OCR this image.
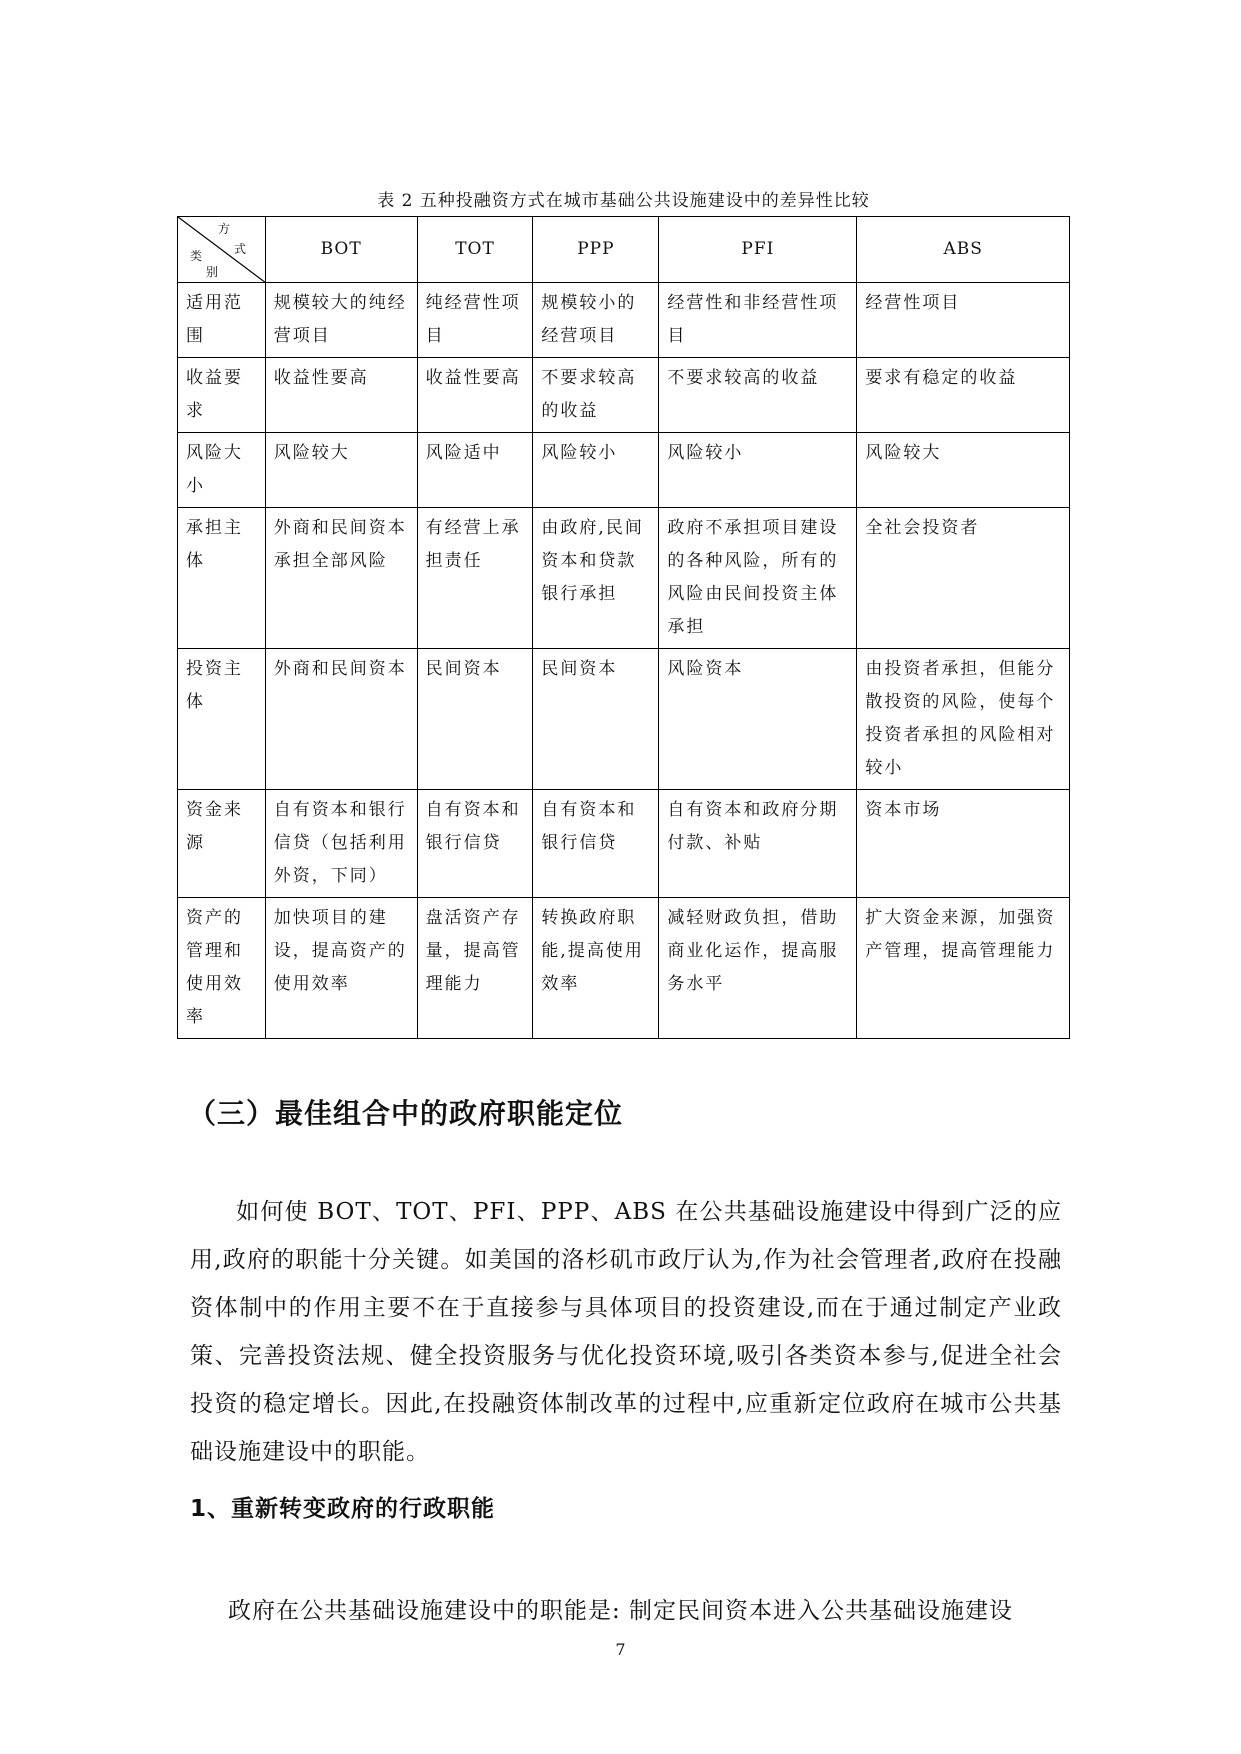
表 2 五种投融资方式在城市基础公共设施建设中的差异性比较
方
式
类
别	BOT	TOT	PPP	PFI	ABS
适用范围	规模较大的纯经营项目	纯经营性项目	规模较小的经营项目	经营性和非经营性项目	经营性项目
收益要求	收益性要高	收益性要高	不要求较高的收益	不要求较高的收益	要求有稳定的收益
风险大小	风险较大	风险适中	风险较小	风险较小	风险较大
承担主体	外商和民间资本承担全部风险	有经营上承担责任	由政府,民间资本和贷款银行承担	政府不承担项目建设的各种风险，所有的风险由民间投资主体承担	全社会投资者
投资主体	外商和民间资本	民间资本	民间资本	风险资本	由投资者承担，但能分散投资的风险，使每个投资者承担的风险相对较小
资金来源	自有资本和银行信贷（包括利用外资，下同）	自有资本和银行信贷	自有资本和银行信贷	自有资本和政府分期付款、补贴	资本市场
资产的管理和使用效率	加快项目的建设，提高资产的使用效率	盘活资产存量，提高管理能力	转换政府职能,提高使用效率	减轻财政负担，借助商业化运作，提高服务水平	扩大资金来源，加强资产管理，提高管理能力
（三）最佳组合中的政府职能定位

如何使 BOT、TOT、PFI、PPP、ABS 在公共基础设施建设中得到广泛的应用,政府的职能十分关键。如美国的洛杉矶市政厅认为,作为社会管理者,政府在投融资体制中的作用主要不在于直接参与具体项目的投资建设,而在于通过制定产业政策、完善投资法规、健全投资服务与优化投资环境,吸引各类资本参与,促进全社会投资的稳定增长。因此,在投融资体制改革的过程中,应重新定位政府在城市公共基础设施建设中的职能。

1、重新转变政府的行政职能

政府在公共基础设施建设中的职能是: 制定民间资本进入公共基础设施建设

7
